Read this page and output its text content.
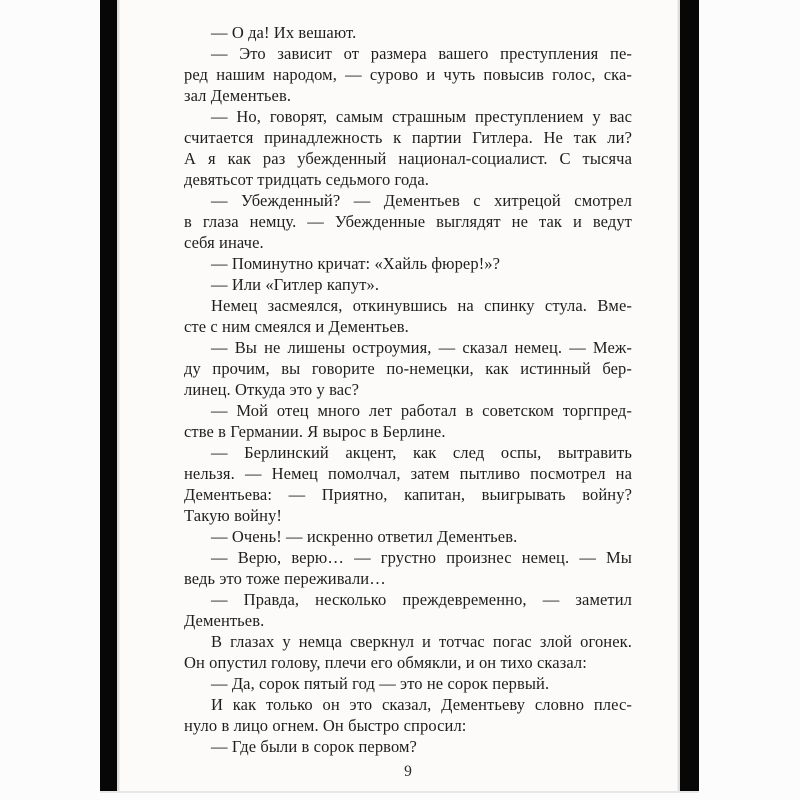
— О да! Их вешают.
— Это зависит от размера вашего преступления пе-
ред нашим народом, — сурово и чуть повысив голос, ска-
зал Дементьев.
— Но, говорят, самым страшным преступлением у вас
считается принадлежность к партии Гитлера. Не так ли?
А я как раз убежденный национал-социалист. С тысяча
девятьсот тридцать седьмого года.
— Убежденный? — Дементьев с хитрецой смотрел
в глаза немцу. — Убежденные выглядят не так и ведут
себя иначе.
— Поминутно кричат: «Хайль фюрер!»?
— Или «Гитлер капут».
Немец засмеялся, откинувшись на спинку стула. Вме-
сте с ним смеялся и Дементьев.
— Вы не лишены остроумия, — сказал немец. — Меж-
ду прочим, вы говорите по-немецки, как истинный бер-
линец. Откуда это у вас?
— Мой отец много лет работал в советском торгпред-
стве в Германии. Я вырос в Берлине.
— Берлинский акцент, как след оспы, вытравить
нельзя. — Немец помолчал, затем пытливо посмотрел на
Дементьева: — Приятно, капитан, выигрывать войну?
Такую войну!
— Очень! — искренно ответил Дементьев.
— Верю, верю… — грустно произнес немец. — Мы
ведь это тоже переживали…
— Правда, несколько преждевременно, — заметил
Дементьев.
В глазах у немца сверкнул и тотчас погас злой огонек.
Он опустил голову, плечи его обмякли, и он тихо сказал:
— Да, сорок пятый год — это не сорок первый.
И как только он это сказал, Дементьеву словно плес-
нуло в лицо огнем. Он быстро спросил:
— Где были в сорок первом?
9
